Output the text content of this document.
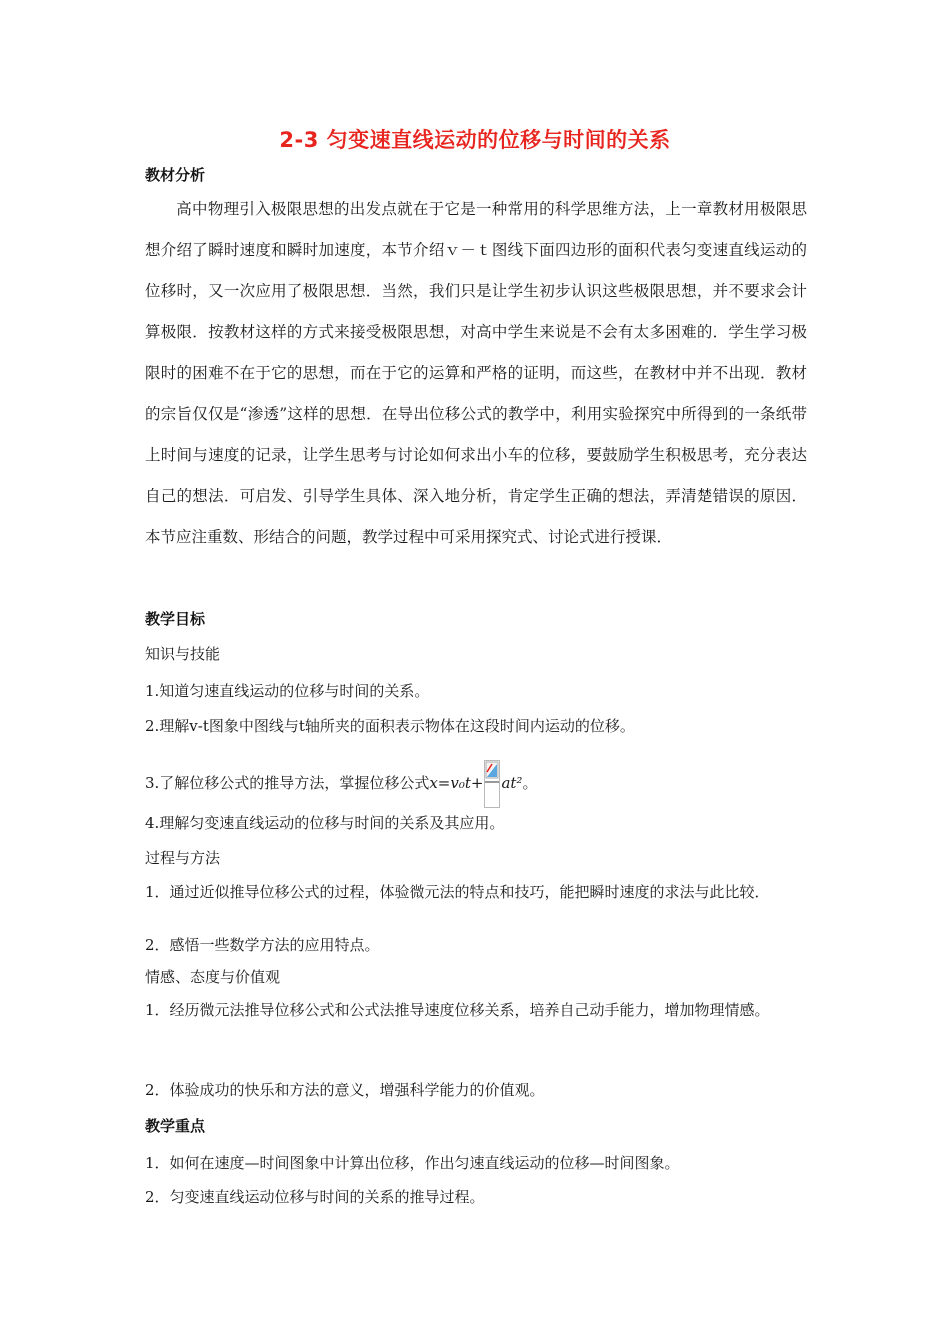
2-3 匀变速直线运动的位移与时间的关系
教材分析
高中物理引入极限思想的出发点就在于它是一种常用的科学思维方法，上一章教材用极限思想介绍了瞬时速度和瞬时加速度，本节介绍ｖ－ｔ图线下面四边形的面积代表匀变速直线运动的位移时，又一次应用了极限思想．当然，我们只是让学生初步认识这些极限思想，并不要求会计算极限．按教材这样的方式来接受极限思想，对高中学生来说是不会有太多困难的．学生学习极限时的困难不在于它的思想，而在于它的运算和严格的证明，而这些，在教材中并不出现．教材的宗旨仅仅是“渗透”这样的思想．在导出位移公式的教学中，利用实验探究中所得到的一条纸带上时间与速度的记录，让学生思考与讨论如何求出小车的位移，要鼓励学生积极思考，充分表达自己的想法．可启发、引导学生具体、深入地分析，肯定学生正确的想法，弄清楚错误的原因．本节应注重数、形结合的问题，教学过程中可采用探究式、讨论式进行授课．
教学目标
知识与技能
1.知道匀速直线运动的位移与时间的关系。
2.理解v-t图象中图线与t轴所夹的面积表示物体在这段时间内运动的位移。
3.了解位移公式的推导方法，掌握位移公式x=v₀t+ at²。
4.理解匀变速直线运动的位移与时间的关系及其应用。
过程与方法
1．通过近似推导位移公式的过程，体验微元法的特点和技巧，能把瞬时速度的求法与此比较．
2．感悟一些数学方法的应用特点。
情感、态度与价值观
1．经历微元法推导位移公式和公式法推导速度位移关系，培养自己动手能力，增加物理情感。
2．体验成功的快乐和方法的意义，增强科学能力的价值观。
教学重点
1．如何在速度—时间图象中计算出位移，作出匀速直线运动的位移—时间图象。
2．匀变速直线运动位移与时间的关系的推导过程。
